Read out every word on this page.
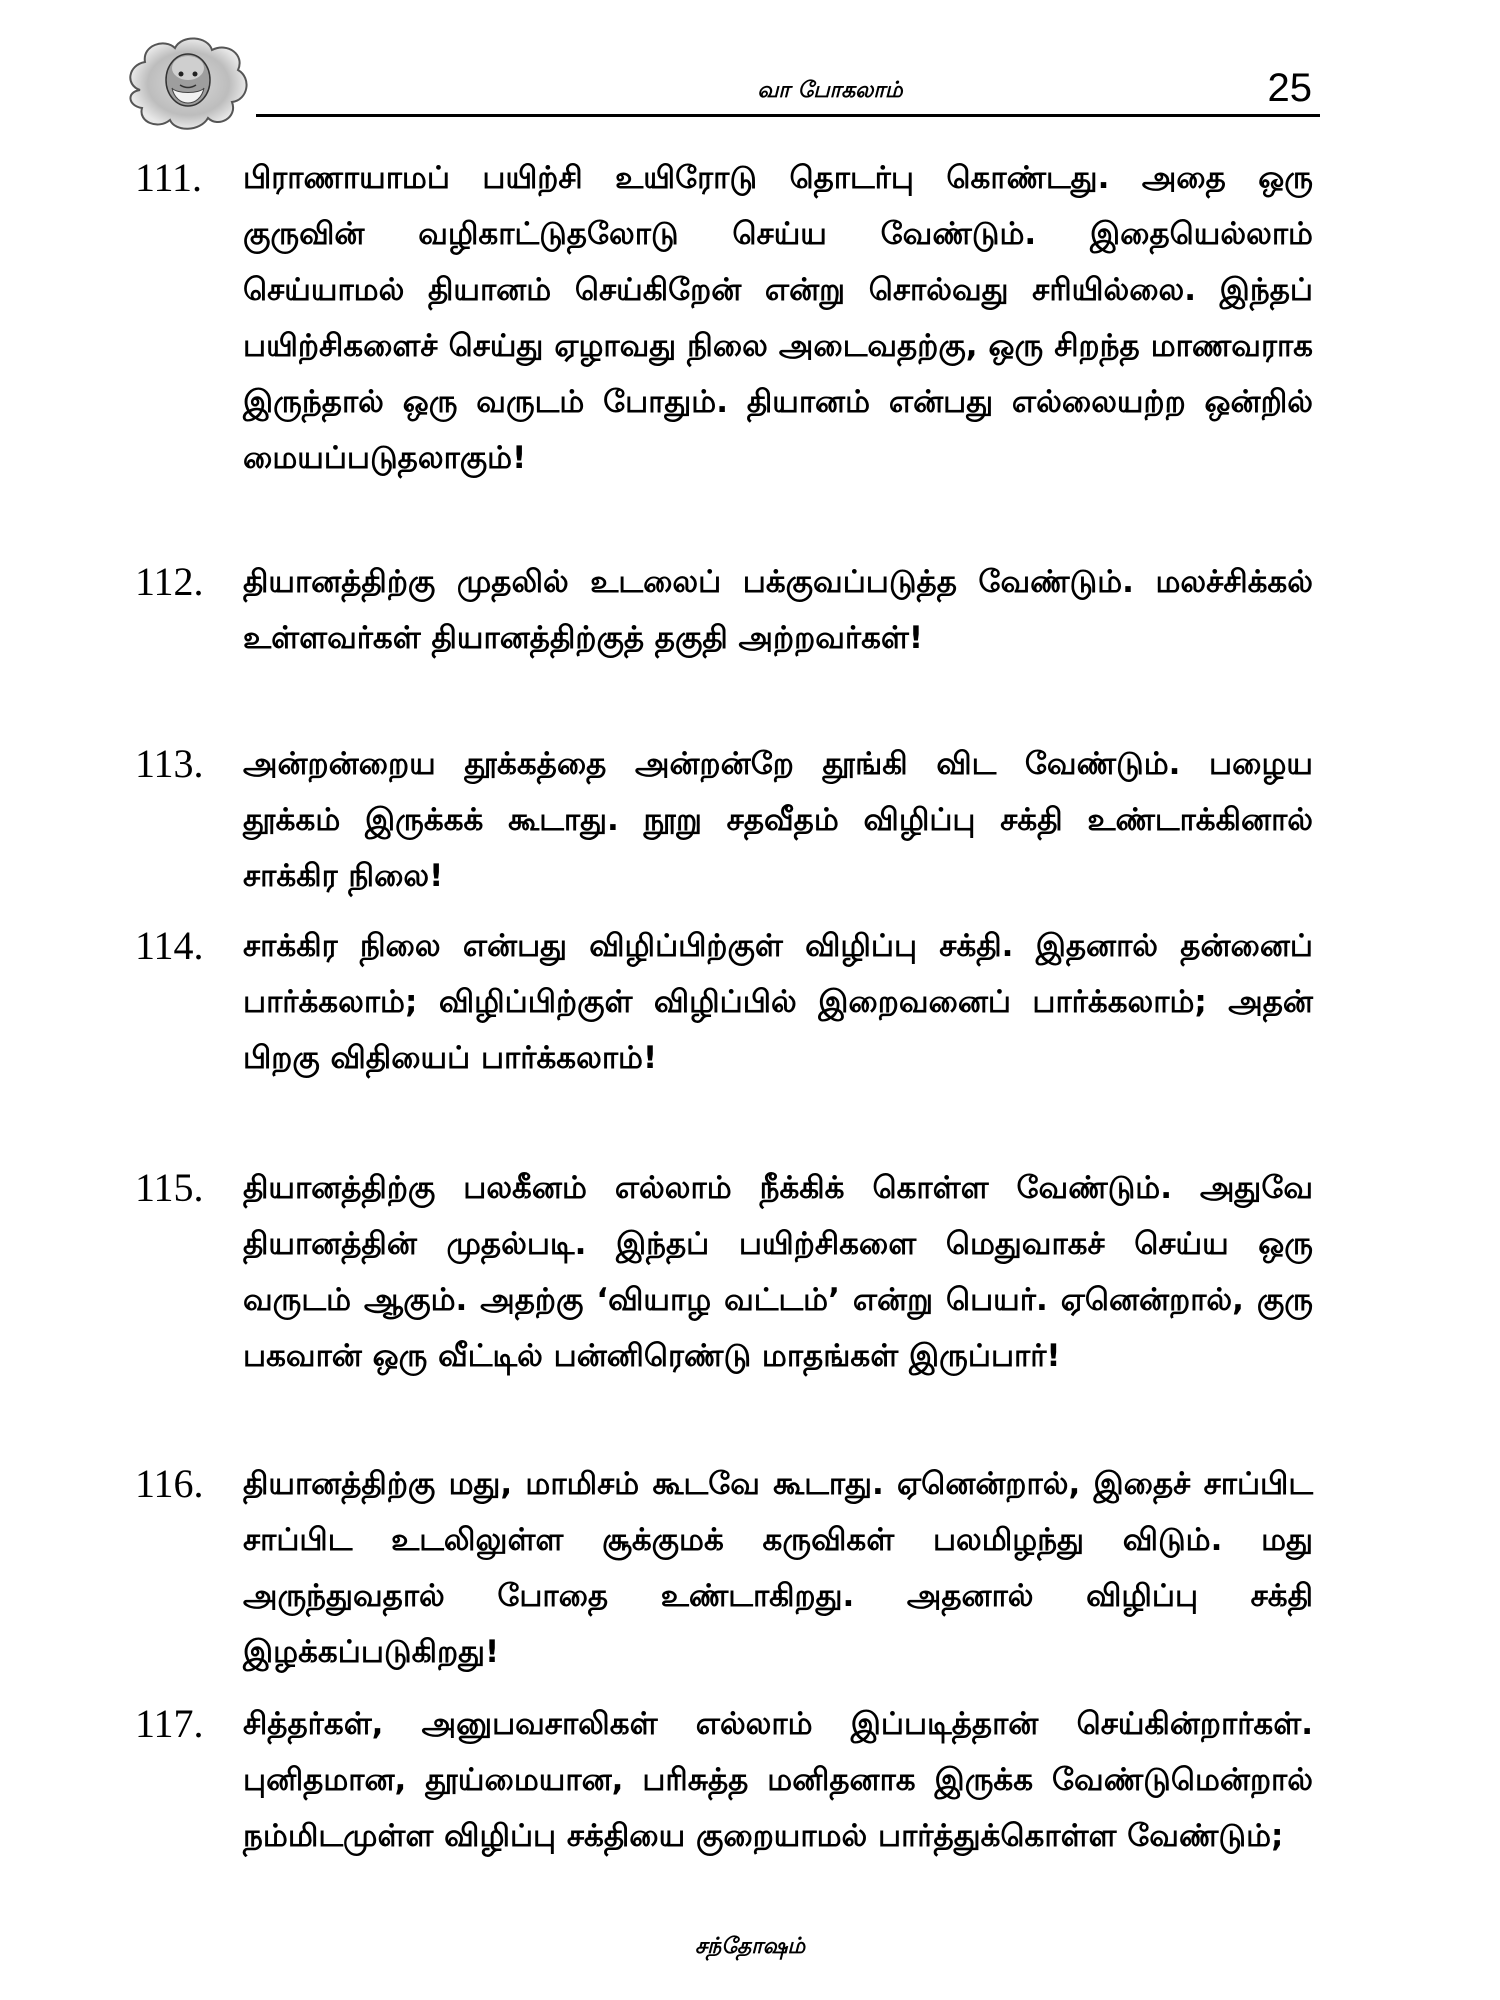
வா போகலாம்	25
111.	பிராணாயாமப் பயிற்சி உயிரோடு தொடர்பு கொண்டது. அதை ஒரு குருவின் வழிகாட்டுதலோடு செய்ய வேண்டும். இதையெல்லாம் செய்யாமல் தியானம் செய்கிறேன் என்று சொல்வது சரியில்லை. இந்தப் பயிற்சிகளைச் செய்து ஏழாவது நிலை அடைவதற்கு, ஒரு சிறந்த மாணவராக இருந்தால் ஒரு வருடம் போதும். தியானம் என்பது எல்லையற்ற ஒன்றில் மையப்படுதலாகும்!
112.	தியானத்திற்கு முதலில் உடலைப் பக்குவப்படுத்த வேண்டும். மலச்சிக்கல் உள்ளவர்கள் தியானத்திற்குத் தகுதி அற்றவர்கள்!
113.	அன்றன்றைய தூக்கத்தை அன்றன்றே தூங்கி விட வேண்டும். பழைய தூக்கம் இருக்கக் கூடாது. நூறு சதவீதம் விழிப்பு சக்தி உண்டாக்கினால் சாக்கிர நிலை!
114.	சாக்கிர நிலை என்பது விழிப்பிற்குள் விழிப்பு சக்தி. இதனால் தன்னைப் பார்க்கலாம்; விழிப்பிற்குள் விழிப்பில் இறைவனைப் பார்க்கலாம்; அதன் பிறகு விதியைப் பார்க்கலாம்!
115.	தியானத்திற்கு பலகீனம் எல்லாம் நீக்கிக் கொள்ள வேண்டும். அதுவே தியானத்தின் முதல்படி. இந்தப் பயிற்சிகளை மெதுவாகச் செய்ய ஒரு வருடம் ஆகும். அதற்கு ‘வியாழ வட்டம்’ என்று பெயர். ஏனென்றால், குரு பகவான் ஒரு வீட்டில் பன்னிரெண்டு மாதங்கள் இருப்பார்!
116.	தியானத்திற்கு மது, மாமிசம் கூடவே கூடாது. ஏனென்றால், இதைச் சாப்பிட சாப்பிட உடலிலுள்ள சூக்குமக் கருவிகள் பலமிழந்து விடும். மது அருந்துவதால் போதை உண்டாகிறது. அதனால் விழிப்பு சக்தி இழக்கப்படுகிறது!
117.	சித்தர்கள், அனுபவசாலிகள் எல்லாம் இப்படித்தான் செய்கின்றார்கள். புனிதமான, தூய்மையான, பரிசுத்த மனிதனாக இருக்க வேண்டுமென்றால் நம்மிடமுள்ள விழிப்பு சக்தியை குறையாமல் பார்த்துக்கொள்ள வேண்டும்;
சந்தோஷம்
